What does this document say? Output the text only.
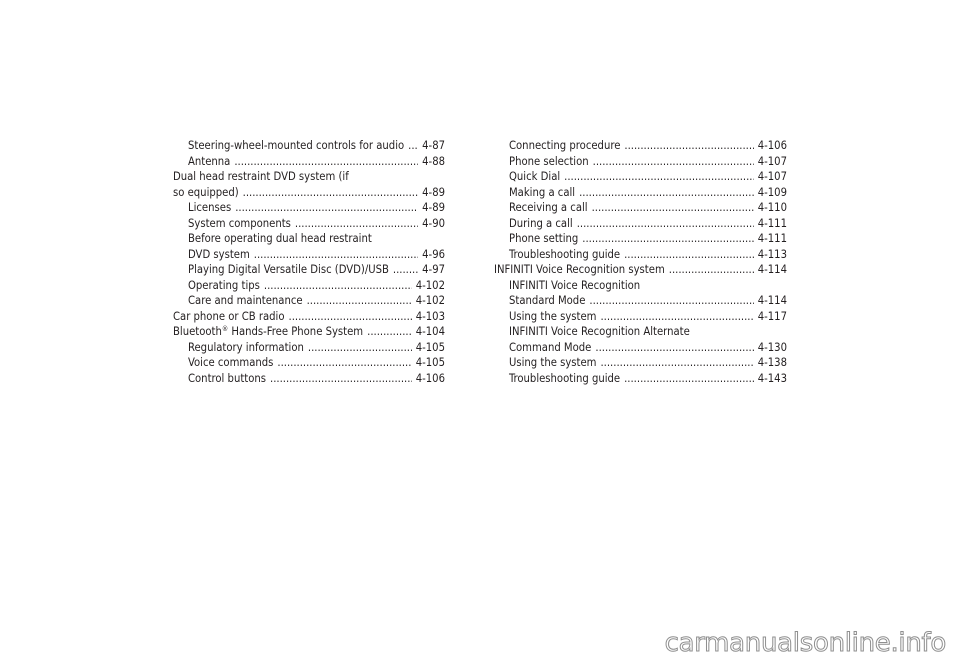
Steering-wheel-mounted controls for audio . . . 4-87
Antenna . . .	4-88
Dual head restraint DVD system (if
so equipped) . . .	4-89
Licenses . . .	4-89
System components . . .	4-90
Before operating dual head restraint
DVD system . . .	4-96
Playing Digital Versatile Disc (DVD)/USB . . .	4-97
Operating tips . . .	4-102
Care and maintenance . . .	4-102
Car phone or CB radio . . .	4-103
Bluetooth® Hands-Free Phone System . . .	4-104
Regulatory information . . .	4-105
Voice commands . . .	4-105
Control buttons . . .	4-106
Connecting procedure . . .	4-106
Phone selection . . .	4-107
Quick Dial . . .	4-107
Making a call . . .	4-109
Receiving a call . . .	4-110
During a call . . .	4-111
Phone setting . . .	4-111
Troubleshooting guide . . .	4-113
INFINITI Voice Recognition system . . .	4-114
INFINITI Voice Recognition
Standard Mode . . .	4-114
Using the system . . .	4-117
INFINITI Voice Recognition Alternate
Command Mode . . .	4-130
Using the system . . .	4-138
Troubleshooting guide . . .	4-143
carmanualsonline.info
